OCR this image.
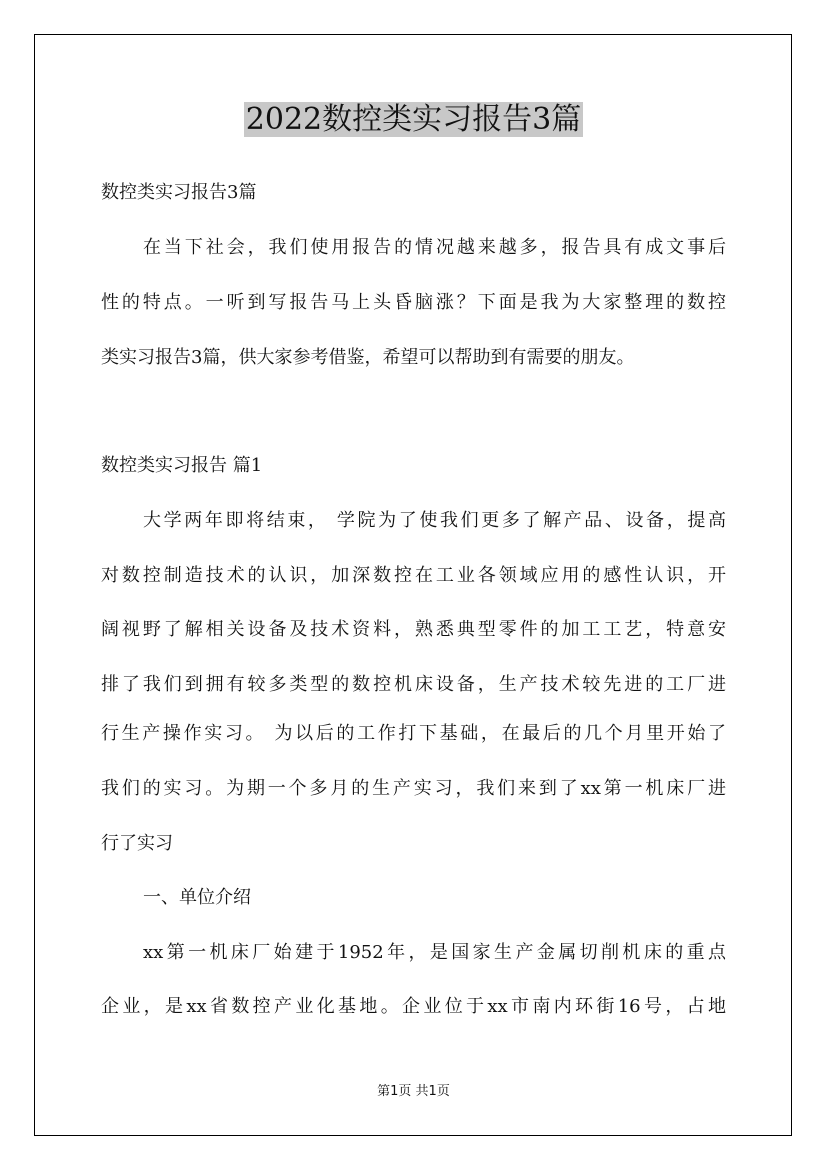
2022数控类实习报告3篇
数控类实习报告3篇
在当下社会，我们使用报告的情况越来越多，报告具有成文事后
性的特点。一听到写报告马上头昏脑涨？下面是我为大家整理的数控
类实习报告3篇，供大家参考借鉴，希望可以帮助到有需要的朋友。
数控类实习报告 篇1
大学两年即将结束， 学院为了使我们更多了解产品、设备，提高
对数控制造技术的认识，加深数控在工业各领域应用的感性认识，开
阔视野了解相关设备及技术资料，熟悉典型零件的加工工艺，特意安
排了我们到拥有较多类型的数控机床设备，生产技术较先进的工厂进
行生产操作实习。 为以后的工作打下基础，在最后的几个月里开始了
我们的实习。为期一个多月的生产实习，我们来到了xx第一机床厂进
行了实习
一、单位介绍
xx第一机床厂始建于1952年，是国家生产金属切削机床的重点
企业，是xx省数控产业化基地。企业位于xx市南内环街16号，占地
第1页 共1页
